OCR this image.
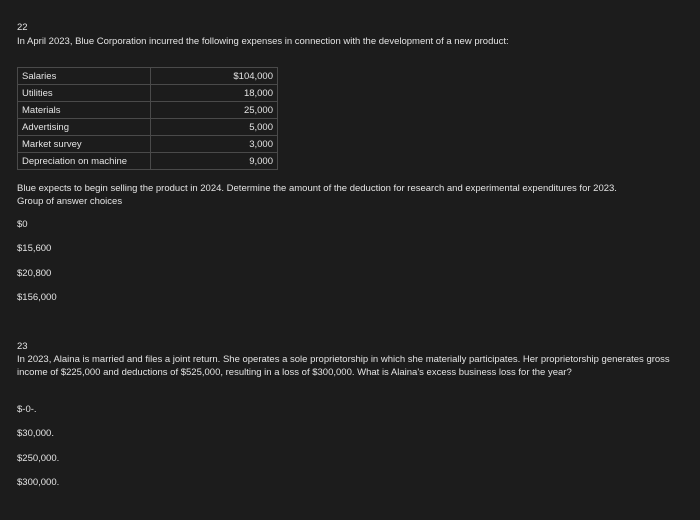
22
In April 2023, Blue Corporation incurred the following expenses in connection with the development of a new product:
Salaries	$104,000
Utilities	18,000
Materials	25,000
Advertising	5,000
Market survey	3,000
Depreciation on machine	9,000
Blue expects to begin selling the product in 2024. Determine the amount of the deduction for research and experimental expenditures for 2023.
Group of answer choices
$0
$15,600
$20,800
$156,000
23
In 2023, Alaina is married and files a joint return. She operates a sole proprietorship in which she materially participates. Her proprietorship generates gross income of $225,000 and deductions of $525,000, resulting in a loss of $300,000. What is Alaina's excess business loss for the year?
$-0-.
$30,000.
$250,000.
$300,000.
